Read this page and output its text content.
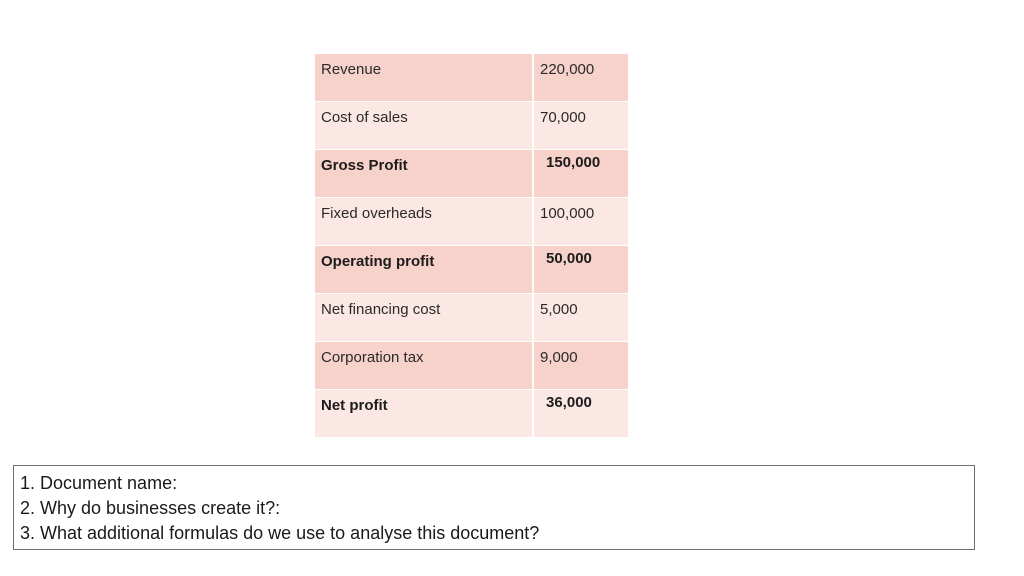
Revenue	220,000
Cost of sales	70,000
Gross Profit	150,000
Fixed overheads	100,000
Operating profit	50,000
Net financing cost	5,000
Corporation tax	9,000
Net profit	36,000
1. Document name:
2. Why do businesses create it?:
3. What additional formulas do we use to analyse this document?
